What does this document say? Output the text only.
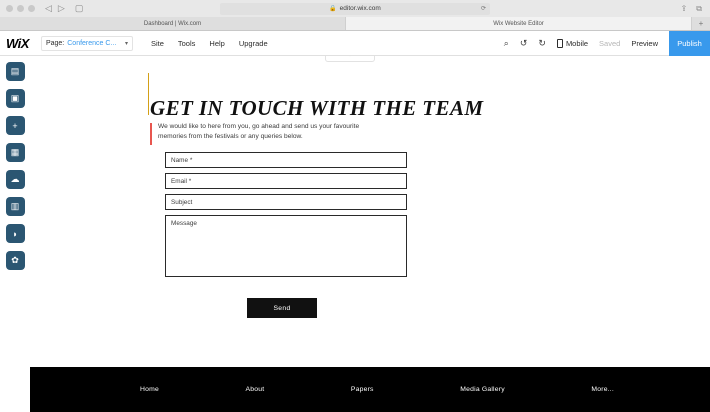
◁ ▷ ▢	🔒 editor.wix.com	⟳	⇪ ⧉
Dashboard | Wix.com	Wix Website Editor	+
WiX Page: Conference C... ▾	Site Tools Help Upgrade	⌕ ↺ ↻	Mobile Saved Preview	Publish
▤
▣
+
▦
☁
▥
◗
✿
⌃
GET IN TOUCH WITH THE TEAM
We would like to here from you, go ahead and send us your favourite memories from the festivals or any queries below.
Name *
Email *
Subject
Message
Send
Home	About	Papers	Media Gallery	More...
